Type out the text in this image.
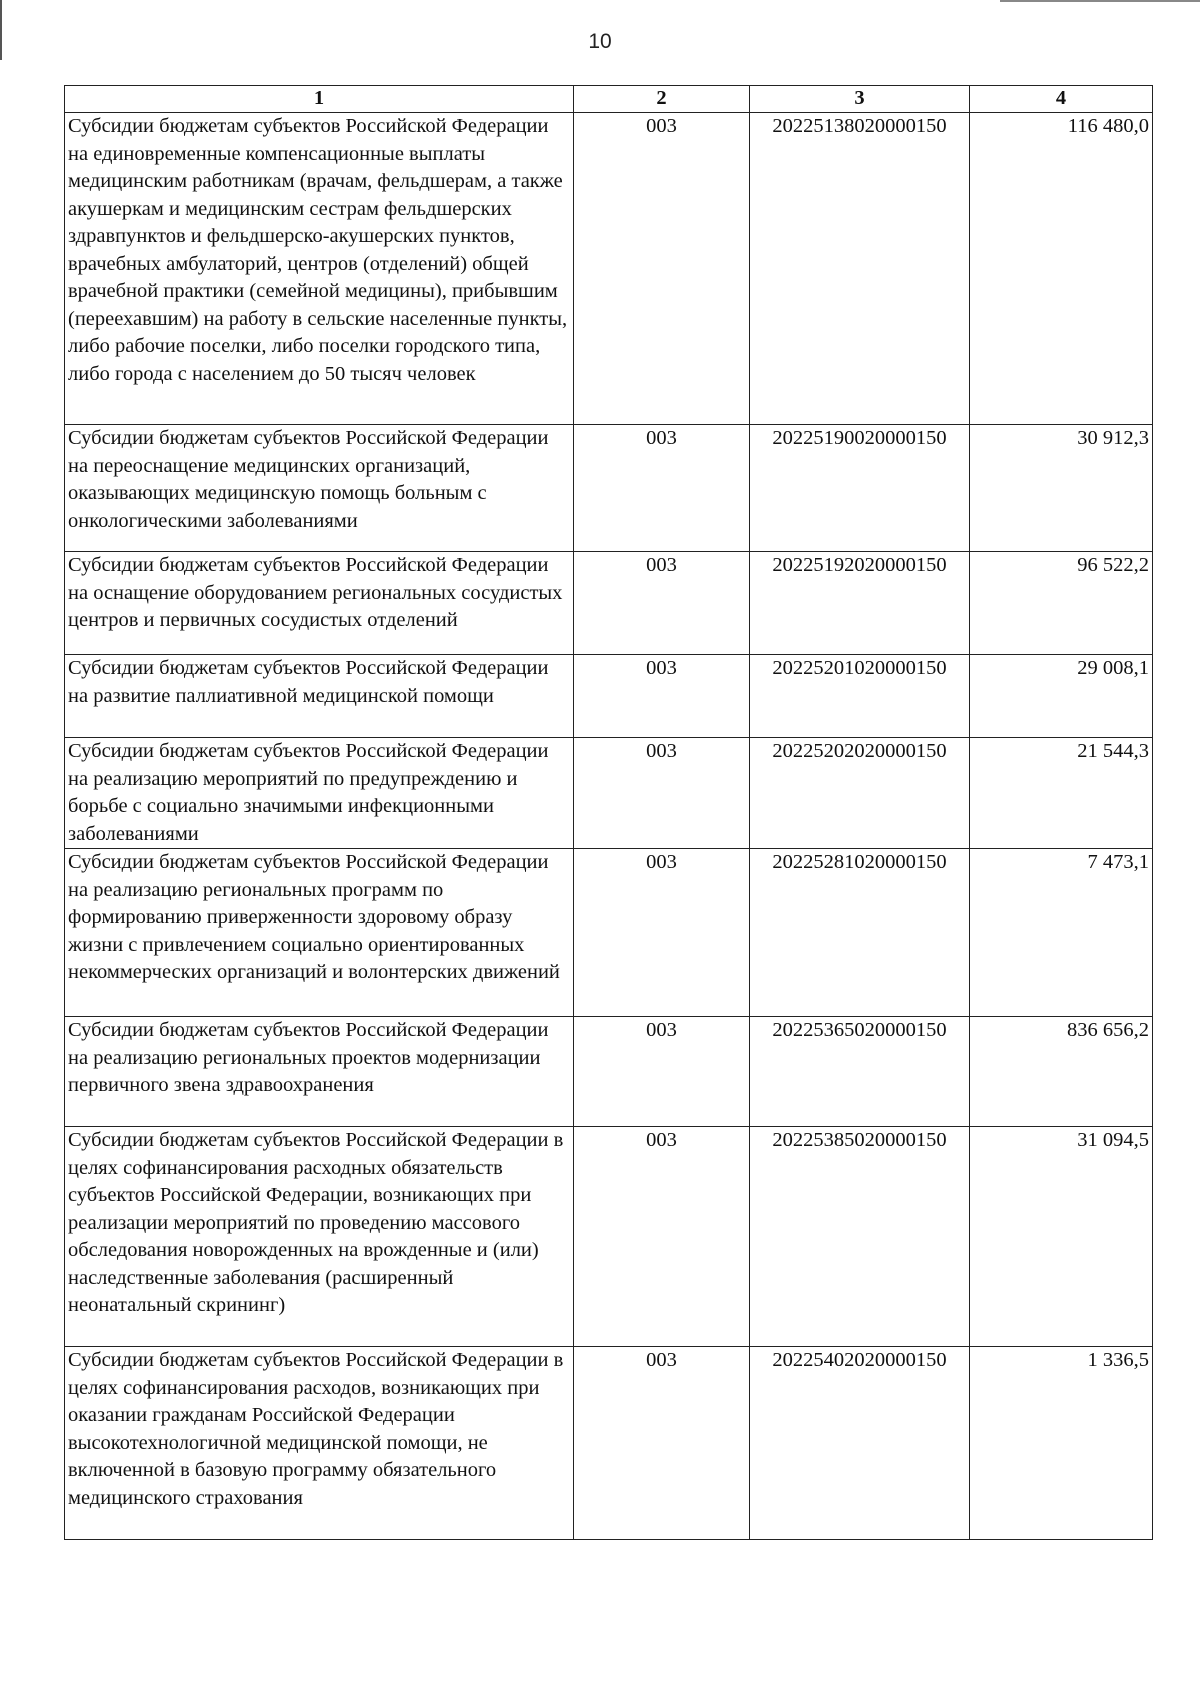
10
1	2	3	4
Субсидии бюджетам субъектов Российской Федерации на единовременные компенсационные выплаты медицинским работникам (врачам, фельдшерам, а также акушеркам и медицинским сестрам фельдшерских здравпунктов и фельдшерско-акушерских пунктов, врачебных амбулаторий, центров (отделений) общей врачебной практики (семейной медицины), прибывшим (переехавшим) на работу в сельские населенные пункты, либо рабочие поселки, либо поселки городского типа, либо города с населением до 50 тысяч человек	003	20225138020000150	116 480,0
Субсидии бюджетам субъектов Российской Федерации на переоснащение медицинских организаций, оказывающих медицинскую помощь больным с онкологическими заболеваниями	003	20225190020000150	30 912,3
Субсидии бюджетам субъектов Российской Федерации на оснащение оборудованием региональных сосудистых центров и первичных сосудистых отделений	003	20225192020000150	96 522,2
Субсидии бюджетам субъектов Российской Федерации на развитие паллиативной медицинской помощи	003	20225201020000150	29 008,1
Субсидии бюджетам субъектов Российской Федерации на реализацию мероприятий по предупреждению и борьбе с социально значимыми инфекционными заболеваниями	003	20225202020000150	21 544,3
Субсидии бюджетам субъектов Российской Федерации на реализацию региональных программ по формированию приверженности здоровому образу жизни с привлечением социально ориентированных некоммерческих организаций и волонтерских движений	003	20225281020000150	7 473,1
Субсидии бюджетам субъектов Российской Федерации на реализацию региональных проектов модернизации первичного звена здравоохранения	003	20225365020000150	836 656,2
Субсидии бюджетам субъектов Российской Федерации в целях софинансирования расходных обязательств субъектов Российской Федерации, возникающих при реализации мероприятий по проведению массового обследования новорожденных на врожденные и (или) наследственные заболевания (расширенный неонатальный скрининг)	003	20225385020000150	31 094,5
Субсидии бюджетам субъектов Российской Федерации в целях софинансирования расходов, возникающих при оказании гражданам Российской Федерации высокотехнологичной медицинской помощи, не включенной в базовую программу обязательного медицинского страхования	003	20225402020000150	1 336,5
